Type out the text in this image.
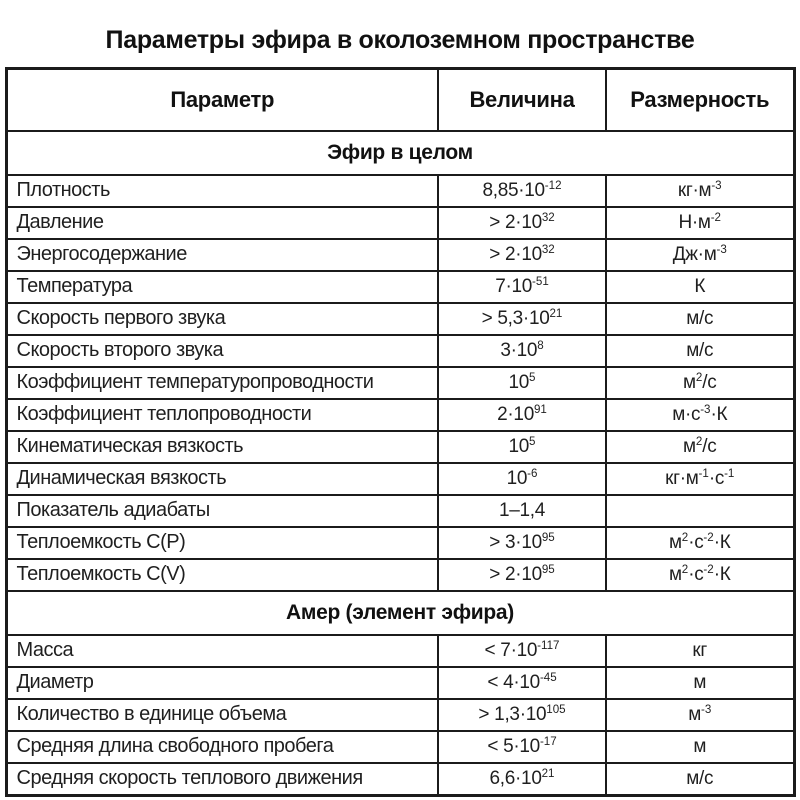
Параметры эфира в околоземном пространстве
Параметр	Величина	Размерность
Эфир в целом		
Плотность	$8,85\cdot 10^{-12}$	$кг\cdot м^{-3}$
Давление	> $2\cdot 10^{32}$	$Н\cdot м^{-2}$
Энергосодержание	> $2\cdot 10^{32}$	$Дж\cdot м^{-3}$
Температура	$7\cdot 10^{-51}$	К
Скорость первого звука	> $5,3\cdot 10^{21}$	м/с
Скорость второго звука	$3\cdot 10^8$	м/с
Коэффициент температуропроводности	$10^5$	$м^2/с$
Коэффициент теплопроводности	$2\cdot 10^{91}$	$м\cdot с^{-3}\cdot К$
Кинематическая вязкость	$10^5$	$м^2/с$
Динамическая вязкость	$10^{-6}$	$кг\cdot м^{-1}\cdot с^{-1}$
Показатель адиабаты	1–1,4	
Теплоемкость C(P)	> $3\cdot 10^{95}$	$м^2\cdot с^{-2}\cdot К$
Теплоемкость C(V)	> $2\cdot 10^{95}$	$м^2\cdot с^{-2}\cdot К$
Амер (элемент эфира)		
Масса	< $7\cdot 10^{-117}$	кг
Диаметр	< $4\cdot 10^{-45}$	м
Количество в единице объема	> $1,3\cdot 10^{105}$	$м^{-3}$
Средняя длина свободного пробега	< $5\cdot 10^{-17}$	м
Средняя скорость теплового движения	$6,6\cdot 10^{21}$	м/с
